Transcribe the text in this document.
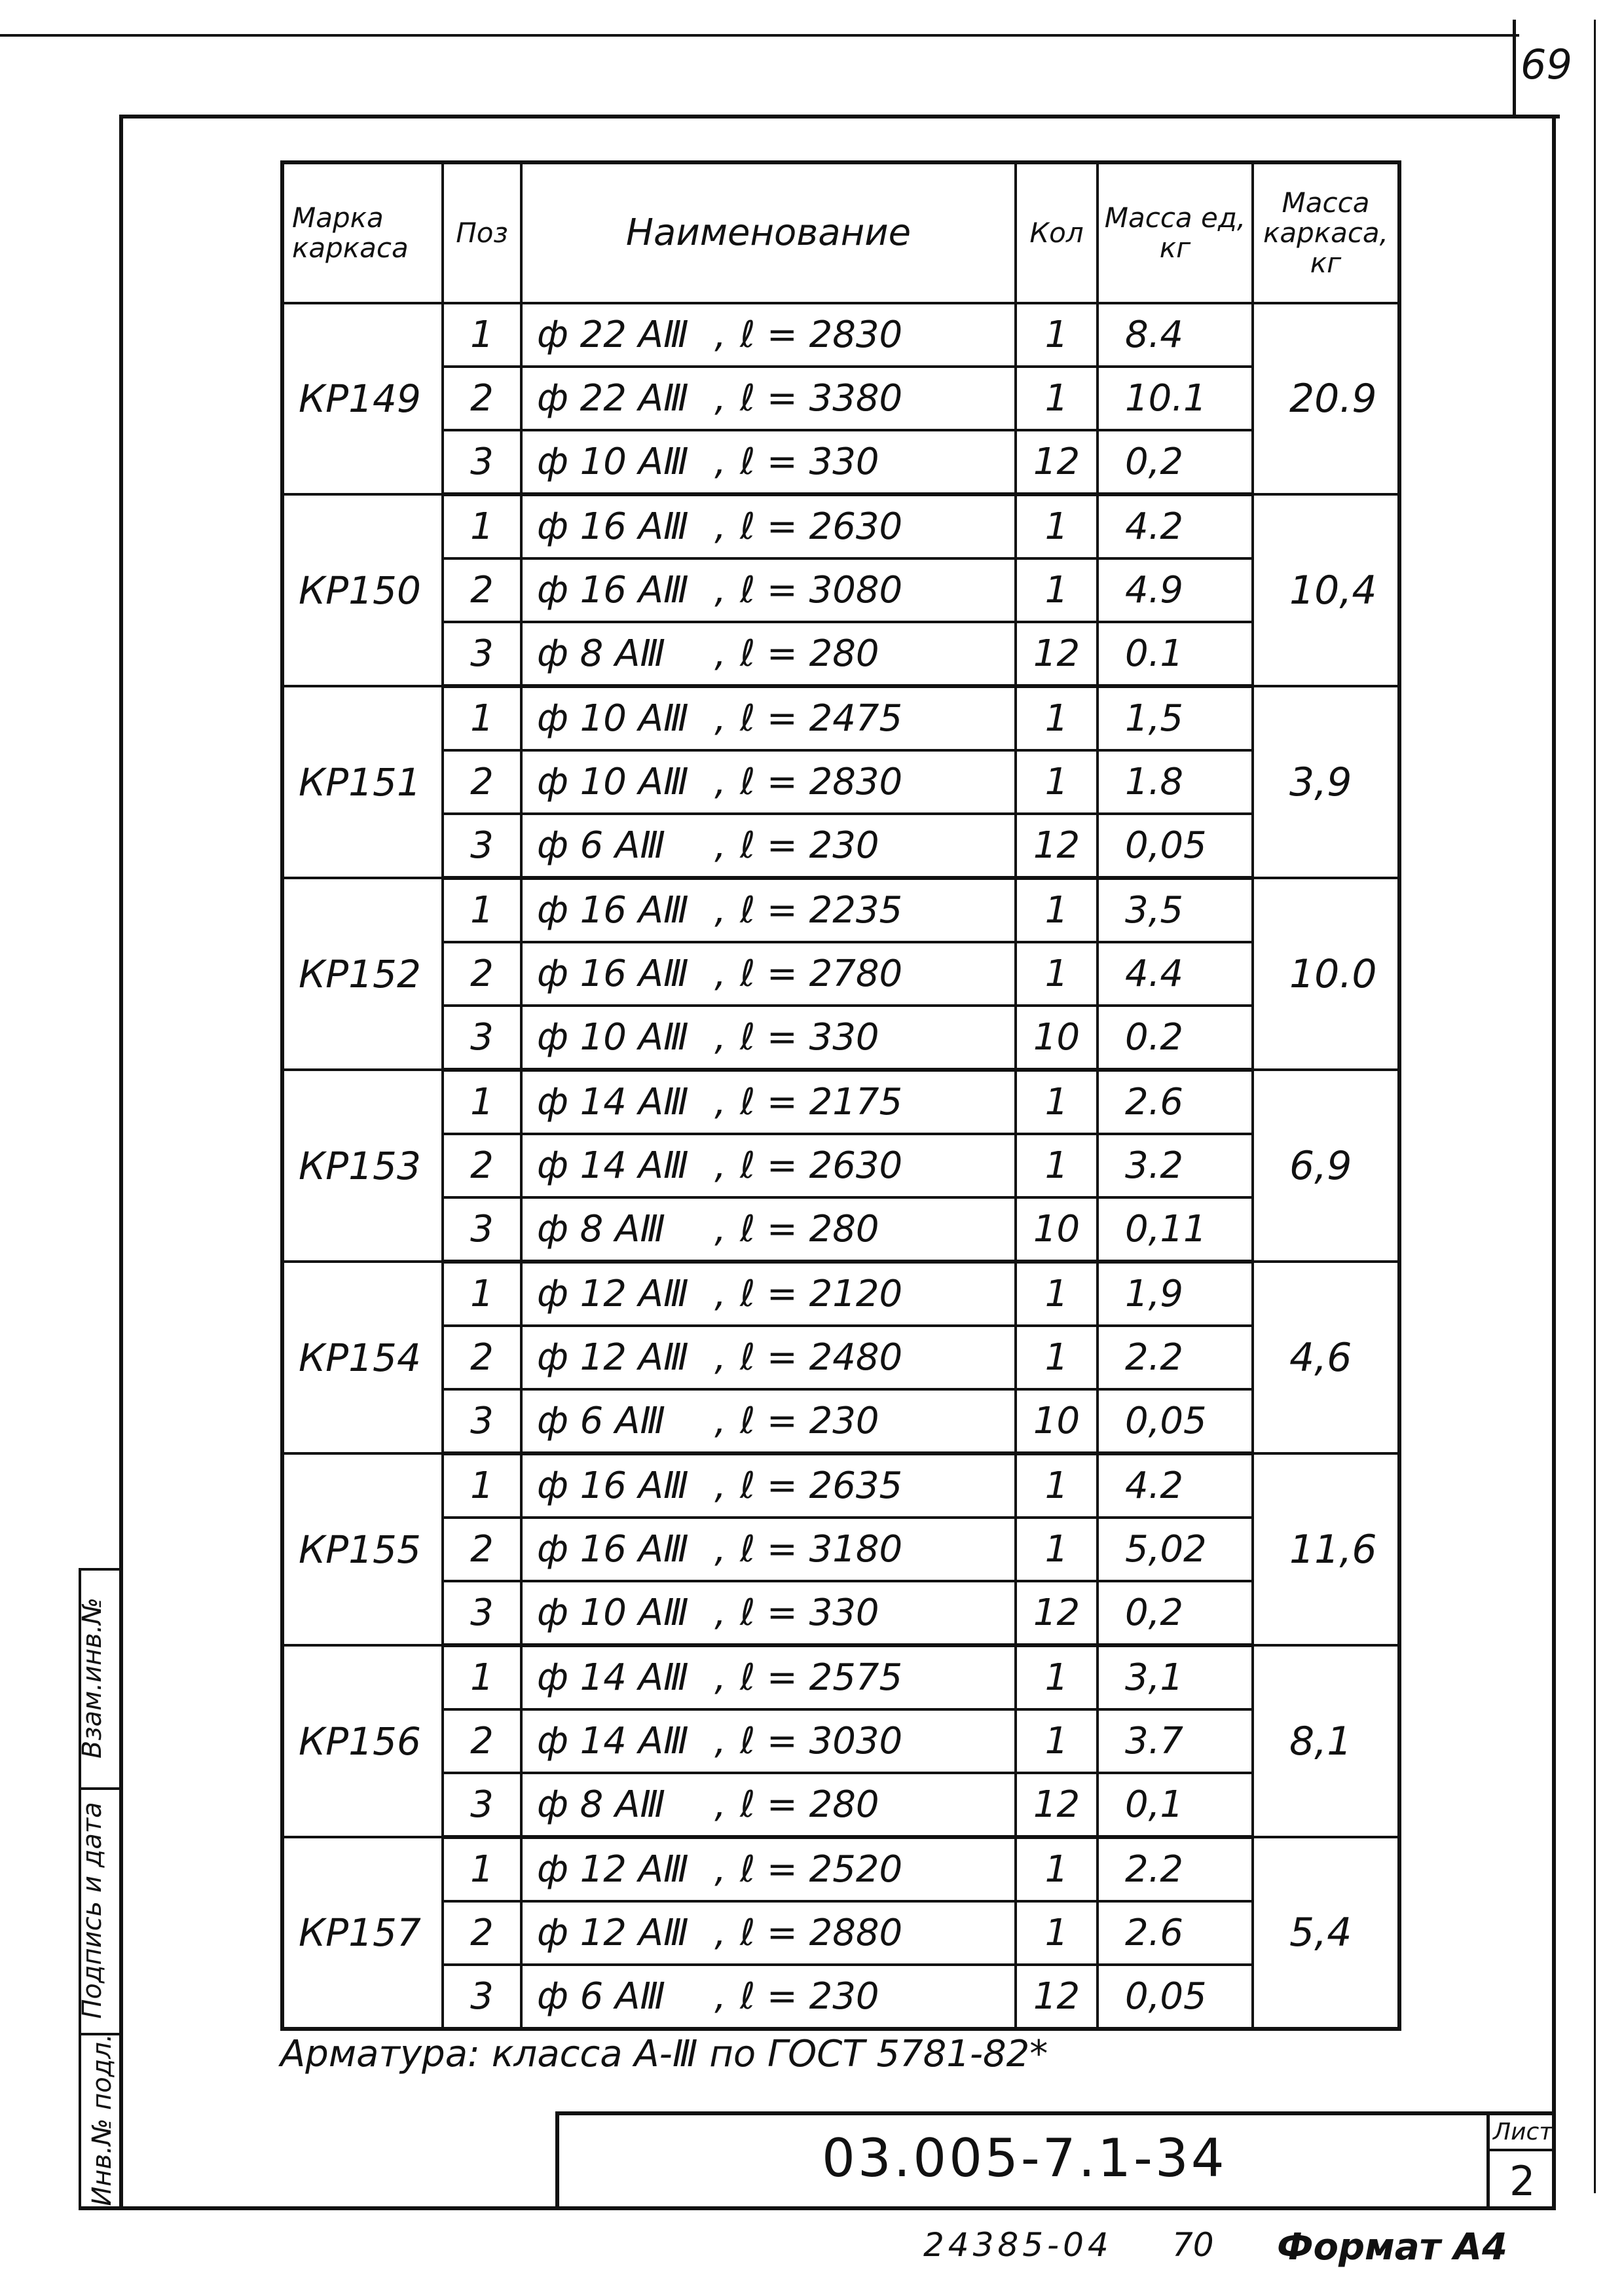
69
Марка каркаса	Поз	Наименование	Кол	Масса ед, кг	Масса каркаса, кг
КР149	1	ф 22 АⅢ , ℓ = 2830	1	8.4	20.9
	2	ф 22 АⅢ , ℓ = 3380	1	10.1	
	3	ф 10 АⅢ , ℓ = 330	12	0,2	
КР150	1	ф 16 АⅢ , ℓ = 2630	1	4.2	10,4
	2	ф 16 АⅢ , ℓ = 3080	1	4.9	
	3	ф 8 АⅢ , ℓ = 280	12	0.1	
КР151	1	ф 10 АⅢ , ℓ = 2475	1	1,5	3,9
	2	ф 10 АⅢ , ℓ = 2830	1	1.8	
	3	ф 6 АⅢ , ℓ = 230	12	0,05	
КР152	1	ф 16 АⅢ , ℓ = 2235	1	3,5	10.0
	2	ф 16 АⅢ , ℓ = 2780	1	4.4	
	3	ф 10 АⅢ , ℓ = 330	10	0.2	
КР153	1	ф 14 АⅢ , ℓ = 2175	1	2.6	6,9
	2	ф 14 АⅢ , ℓ = 2630	1	3.2	
	3	ф 8 АⅢ , ℓ = 280	10	0,11	
КР154	1	ф 12 АⅢ , ℓ = 2120	1	1,9	4,6
	2	ф 12 АⅢ , ℓ = 2480	1	2.2	
	3	ф 6 АⅢ , ℓ = 230	10	0,05	
КР155	1	ф 16 АⅢ , ℓ = 2635	1	4.2	11,6
	2	ф 16 АⅢ , ℓ = 3180	1	5,02	
	3	ф 10 АⅢ , ℓ = 330	12	0,2	
КР156	1	ф 14 АⅢ , ℓ = 2575	1	3,1	8,1
	2	ф 14 АⅢ , ℓ = 3030	1	3.7	
	3	ф 8 АⅢ , ℓ = 280	12	0,1	
КР157	1	ф 12 АⅢ , ℓ = 2520	1	2.2	5,4
	2	ф 12 АⅢ , ℓ = 2880	1	2.6	
	3	ф 6 АⅢ , ℓ = 230	12	0,05	
Арматура: класса А-Ⅲ по ГОСТ 5781-82*
Взам.инв.№
Подпись и дата
Инв.№ подл.	03.005-7.1-34	Лист
2
24385-04 70 Формат А4
